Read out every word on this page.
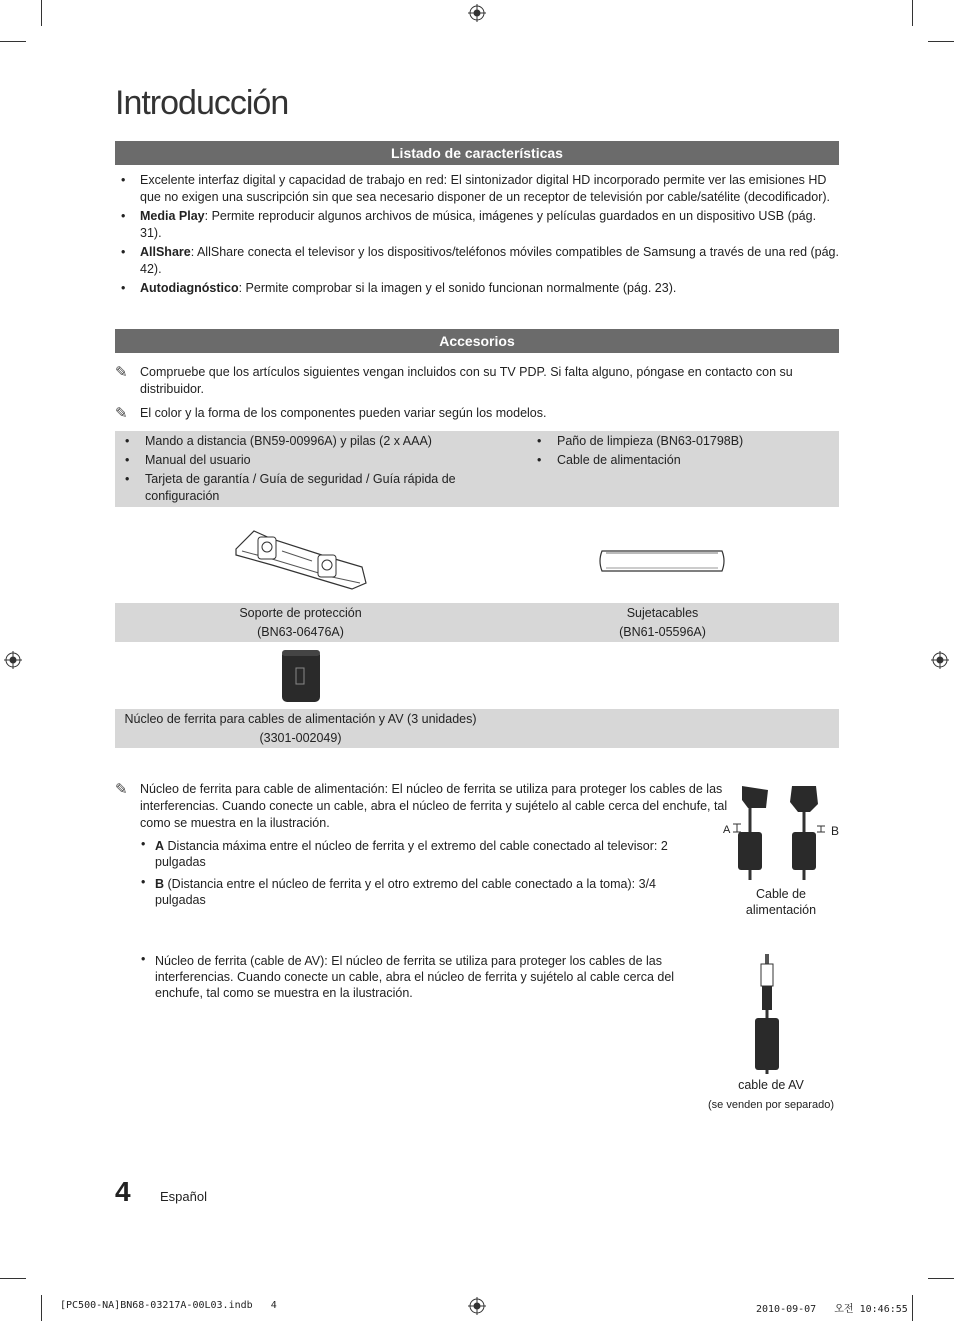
Introducción
Listado de características
• Excelente interfaz digital y capacidad de trabajo en red: El sintonizador digital HD incorporado permite ver las emisiones HD que no exigen una suscripción sin que sea necesario disponer de un receptor de televisión por cable/satélite (decodificador).
• Media Play: Permite reproducir algunos archivos de música, imágenes y películas guardados en un dispositivo USB (pág. 31).
• AllShare: AllShare conecta el televisor y los dispositivos/teléfonos móviles compatibles de Samsung a través de una red (pág. 42).
• Autodiagnóstico: Permite comprobar si la imagen y el sonido funcionan normalmente (pág. 23).
Accesorios
✎ Compruebe que los artículos siguientes vengan incluidos con su TV PDP. Si falta alguno, póngase en contacto con su distribuidor.
✎ El color y la forma de los componentes pueden variar según los modelos.
• Mando a distancia (BN59-00996A) y pilas (2 x AAA)
• Manual del usuario
• Tarjeta de garantía / Guía de seguridad / Guía rápida de configuración
• Paño de limpieza (BN63-01798B)
• Cable de alimentación
Soporte de protección
(BN63-06476A)
Sujetacables
(BN61-05596A)
Núcleo de ferrita para cables de alimentación y AV (3 unidades)
(3301-002049)
✎ Núcleo de ferrita para cable de alimentación: El núcleo de ferrita se utiliza para proteger los cables de las interferencias. Cuando conecte un cable, abra el núcleo de ferrita y sujételo al cable cerca del enchufe, tal como se muestra en la ilustración.
• A Distancia máxima entre el núcleo de ferrita y el extremo del cable conectado al televisor: 2 pulgadas
• B (Distancia entre el núcleo de ferrita y el otro extremo del cable conectado a la toma): 3/4 pulgadas
A	B
Cable de
alimentación
• Núcleo de ferrita (cable de AV): El núcleo de ferrita se utiliza para proteger los cables de las interferencias. Cuando conecte un cable, abra el núcleo de ferrita y sujételo al cable cerca del enchufe, tal como se muestra en la ilustración.
cable de AV
(se venden por separado)
4 Español
[PC500-NA]BN68-03217A-00L03.indb   4	2010-09-07   오전 10:46:55
